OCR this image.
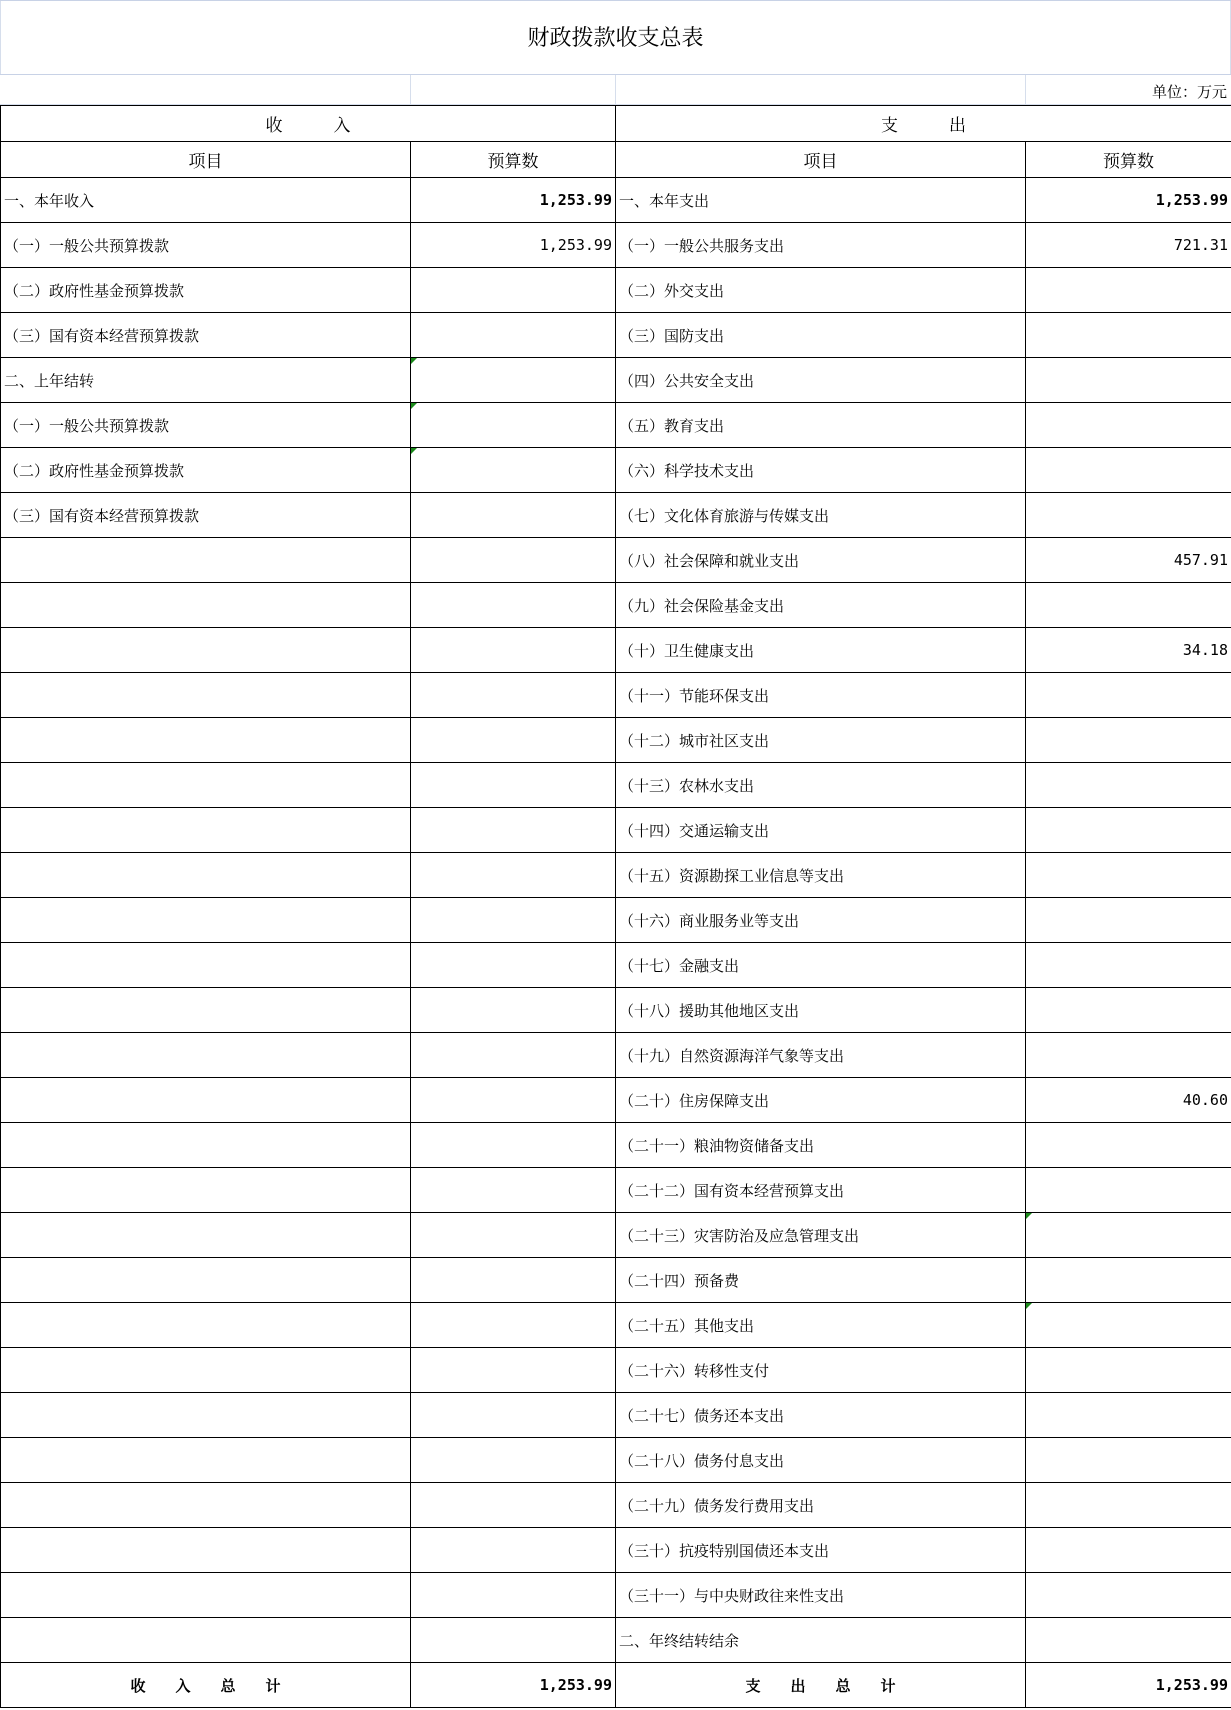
财政拨款收支总表
单位：万元
收　　　入		支　　　出	
项目	预算数	项目	预算数
一、本年收入	1,253.99	一、本年支出	1,253.99
（一）一般公共预算拨款	1,253.99	（一）一般公共服务支出	721.31
（二）政府性基金预算拨款		（二）外交支出	
（三）国有资本经营预算拨款		（三）国防支出	
二、上年结转		（四）公共安全支出	
（一）一般公共预算拨款		（五）教育支出	
（二）政府性基金预算拨款		（六）科学技术支出	
（三）国有资本经营预算拨款		（七）文化体育旅游与传媒支出	
		（八）社会保障和就业支出	457.91
		（九）社会保险基金支出	
		（十）卫生健康支出	34.18
		（十一）节能环保支出	
		（十二）城市社区支出	
		（十三）农林水支出	
		（十四）交通运输支出	
		（十五）资源勘探工业信息等支出	
		（十六）商业服务业等支出	
		（十七）金融支出	
		（十八）援助其他地区支出	
		（十九）自然资源海洋气象等支出	
		（二十）住房保障支出	40.60
		（二十一）粮油物资储备支出	
		（二十二）国有资本经营预算支出	
		（二十三）灾害防治及应急管理支出	

		（二十四）预备费	
		（二十五）其他支出	

		（二十六）转移性支付	
		（二十七）债务还本支出	
		（二十八）债务付息支出	
		（二十九）债务发行费用支出	
		（三十）抗疫特别国债还本支出	
		（三十一）与中央财政往来性支出	
		二、年终结转结余	
收　　入　　总　　计	1,253.99	支　　出　　总　　计	1,253.99
